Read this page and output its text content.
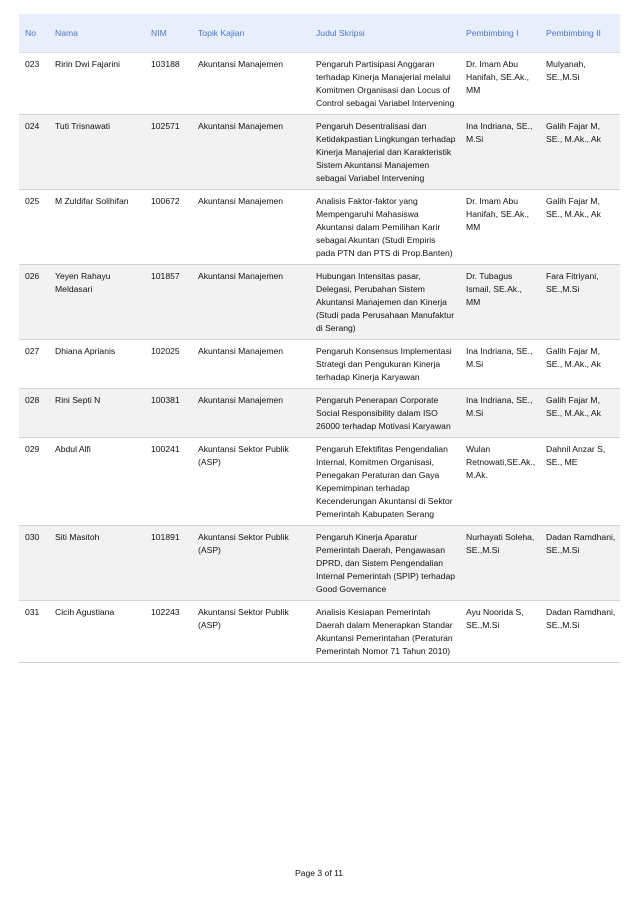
No	Nama	NIM	Topik Kajian	Judul Skripsi	Pembimbing I	Pembimbing II
023	Ririn Dwi Fajarini	103188	Akuntansi Manajemen	Pengaruh Partisipasi Anggaran terhadap Kinerja Manajerial melalui Komitmen Organisasi dan Locus of Control sebagai Variabel Intervening	Dr. Imam Abu Hanifah, SE.Ak., MM	Mulyanah, SE.,M.Si
024	Tuti Trisnawati	102571	Akuntansi Manajemen	Pengaruh Desentralisasi dan Ketidakpastian Lingkungan terhadap Kinerja Manajerial dan Karakteristik Sistem Akuntansi Manajemen sebagai Variabel Intervening	Ina Indriana, SE., M.Si	Galih Fajar M, SE., M.Ak., Ak
025	M Zuldifar Solihifan	100672	Akuntansi Manajemen	Analisis Faktor-faktor yang Mempengaruhi Mahasiswa Akuntansi dalam Pemilihan Karir sebagai Akuntan (Studi Empiris pada PTN dan PTS di Prop.Banten)	Dr. Imam Abu Hanifah, SE.Ak., MM	Galih Fajar M, SE., M.Ak., Ak
026	Yeyen Rahayu Meldasari	101857	Akuntansi Manajemen	Hubungan Intensitas pasar, Delegasi, Perubahan Sistem Akuntansi Manajemen dan Kinerja (Studi pada Perusahaan Manufaktur di Serang)	Dr. Tubagus Ismail, SE.Ak., MM	Fara Fitriyani, SE.,M.Si
027	Dhiana Aprianis	102025	Akuntansi Manajemen	Pengaruh Konsensus Implementasi Strategi dan Pengukuran Kinerja terhadap Kinerja Karyawan	Ina Indriana, SE., M.Si	Galih Fajar M, SE., M.Ak., Ak
028	Rini Septi N	100381	Akuntansi Manajemen	Pengaruh Penerapan Corporate Social Responsibility dalam ISO 26000 terhadap Motivasi Karyawan	Ina Indriana, SE., M.Si	Galih Fajar M, SE., M.Ak., Ak
029	Abdul Alfi	100241	Akuntansi Sektor Publik (ASP)	Pengaruh Efektifitas Pengendalian Internal, Komitmen Organisasi, Penegakan Peraturan dan Gaya Kepemimpinan terhadap Kecenderungan Akuntansi di Sektor Pemerintah Kabupaten Serang	Wulan Retnowati,SE.Ak., M.Ak.	Dahnil Anzar S, SE., ME
030	Siti Masitoh	101891	Akuntansi Sektor Publik (ASP)	Pengaruh Kinerja Aparatur Pemerintah Daerah, Pengawasan DPRD, dan Sistem Pengendalian Internal Pemerintah (SPIP) terhadap Good Governance	Nurhayati Soleha, SE.,M.Si	Dadan Ramdhani, SE.,M.Si
031	Cicih Agustiana	102243	Akuntansi Sektor Publik (ASP)	Analisis Kesiapan Pemerintah Daerah dalam Menerapkan Standar Akuntansi Pemerintahan (Peraturan Pemerintah Nomor 71 Tahun 2010)	Ayu Noorida S, SE.,M.Si	Dadan Ramdhani, SE.,M.Si
Page 3 of 11
